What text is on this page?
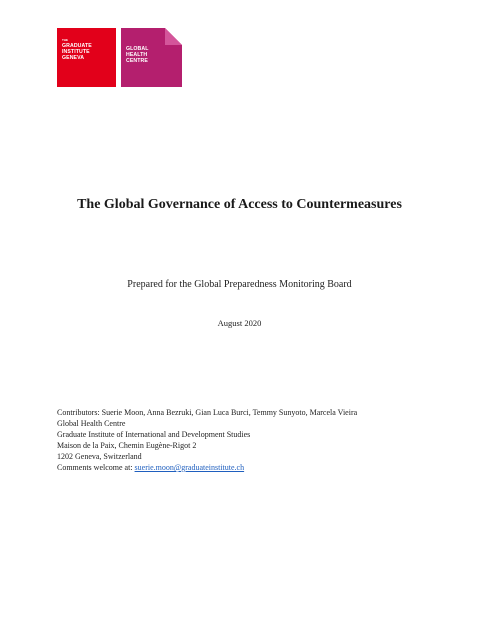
THE
GRADUATE
INSTITUTE
GENEVA
GLOBAL
HEALTH
CENTRE
The Global Governance of Access to Countermeasures
Prepared for the Global Preparedness Monitoring Board
August 2020
Contributors: Suerie Moon, Anna Bezruki, Gian Luca Burci, Temmy Sunyoto, Marcela Vieira
Global Health Centre
Graduate Institute of International and Development Studies
Maison de la Paix, Chemin Eugène-Rigot 2
1202 Geneva, Switzerland
Comments welcome at: suerie.moon@graduateinstitute.ch
